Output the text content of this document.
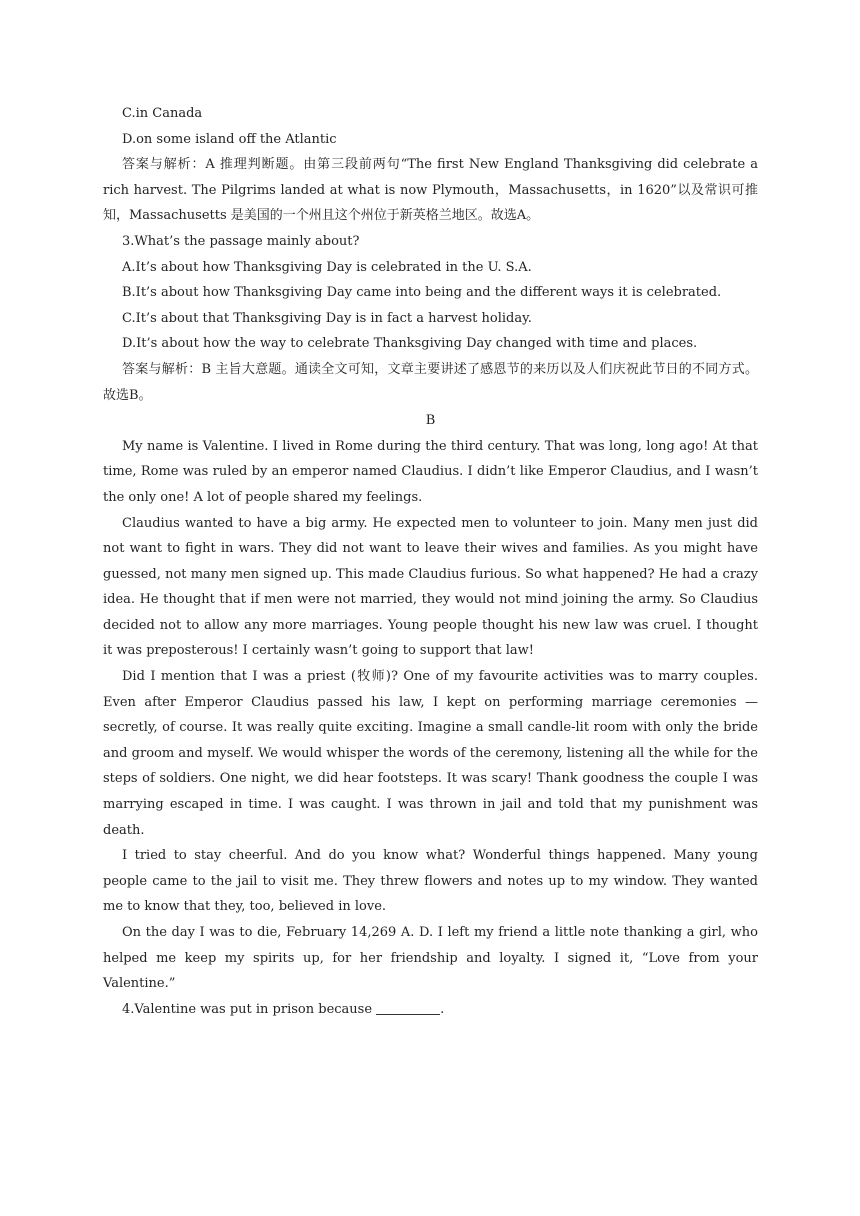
C.in Canada

D.on some island off the Atlantic

答案与解析：A 推理判断题。由第三段前两句“The first New England Thanksgiving did celebrate a rich harvest. The Pilgrims landed at what is now Plymouth，Massachusetts，in 1620”以及常识可推知，Massachusetts 是美国的一个州且这个州位于新英格兰地区。故选A。

3.What’s the passage mainly about?

A.It’s about how Thanksgiving Day is celebrated in the U. S.A.

B.It’s about how Thanksgiving Day came into being and the different ways it is celebrated.

C.It’s about that Thanksgiving Day is in fact a harvest holiday.

D.It’s about how the way to celebrate Thanksgiving Day changed with time and places.

答案与解析：B 主旨大意题。通读全文可知，文章主要讲述了感恩节的来历以及人们庆祝此节日的不同方式。故选B。

B

My name is Valentine. I lived in Rome during the third century. That was long, long ago! At that time, Rome was ruled by an emperor named Claudius. I didn’t like Emperor Claudius, and I wasn’t the only one! A lot of people shared my feelings.

Claudius wanted to have a big army. He expected men to volunteer to join. Many men just did not want to fight in wars. They did not want to leave their wives and families. As you might have guessed, not many men signed up. This made Claudius furious. So what happened? He had a crazy idea. He thought that if men were not married, they would not mind joining the army. So Claudius decided not to allow any more marriages. Young people thought his new law was cruel. I thought it was preposterous! I certainly wasn’t going to support that law!

Did I mention that I was a priest (牧师)? One of my favourite activities was to marry couples. Even after Emperor Claudius passed his law, I kept on performing marriage ceremonies — secretly, of course. It was really quite exciting. Imagine a small candle-lit room with only the bride and groom and myself. We would whisper the words of the ceremony, listening all the while for the steps of soldiers. One night, we did hear footsteps. It was scary! Thank goodness the couple I was marrying escaped in time. I was caught. I was thrown in jail and told that my punishment was death.

I tried to stay cheerful. And do you know what? Wonderful things happened. Many young people came to the jail to visit me. They threw flowers and notes up to my window. They wanted me to know that they, too, believed in love.

On the day I was to die, February 14,269 A. D. I left my friend a little note thanking a girl, who helped me keep my spirits up, for her friendship and loyalty. I signed it, “Love from your Valentine.”

4.Valentine was put in prison because	.
